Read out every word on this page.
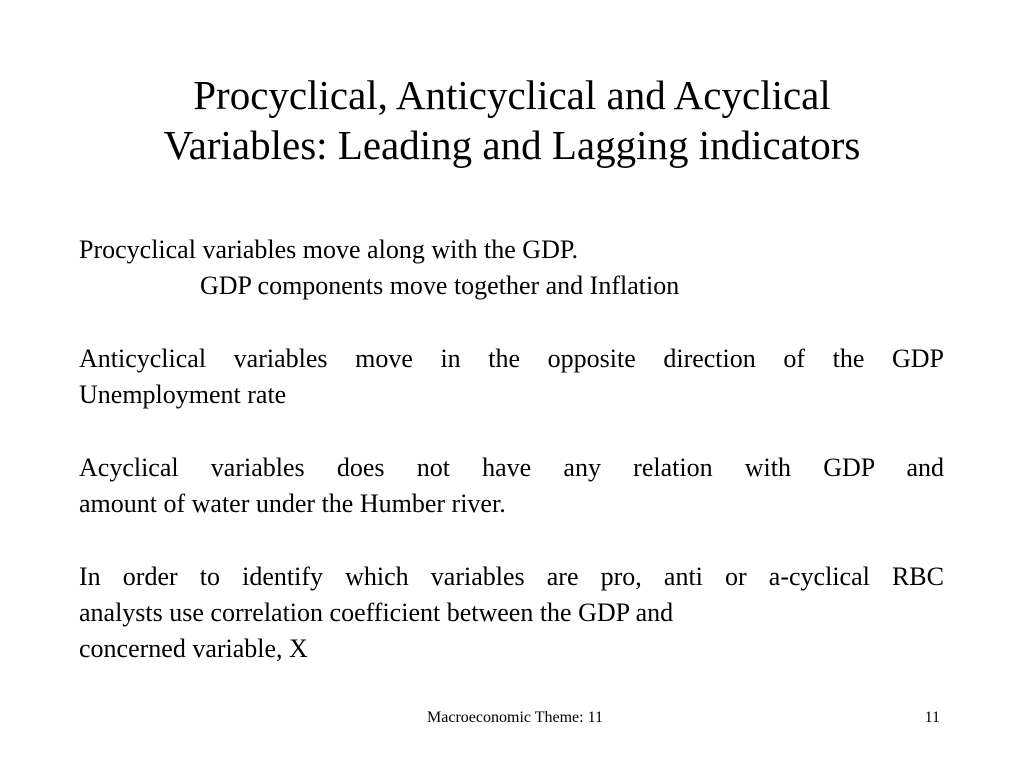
Procyclical, Anticyclical and Acyclical
Variables: Leading and Lagging indicators
Procyclical variables move along with the GDP.
GDP components move together and Inflation
Anticyclical variables move in the opposite direction of the GDP
Unemployment rate
Acyclical variables does not have any relation with GDP and
amount of water under the Humber river.
In order to identify which variables are pro, anti or a-cyclical RBC
analysts use correlation coefficient between the GDP and
concerned variable, X
Macroeconomic Theme: 11	11
